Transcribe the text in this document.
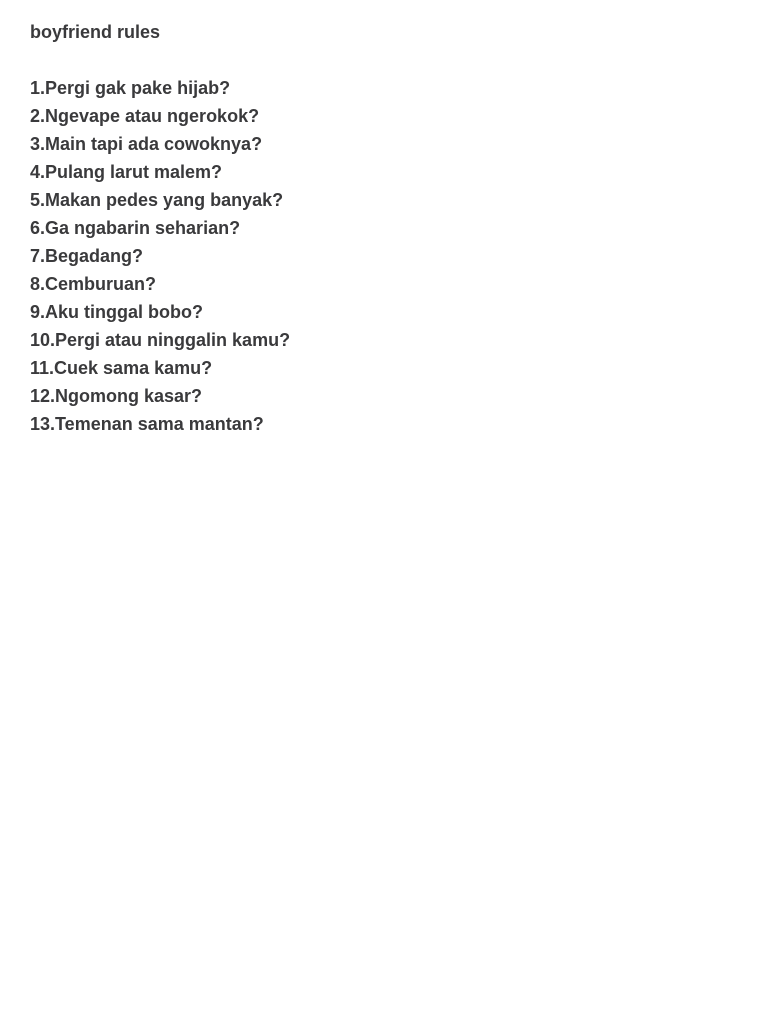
boyfriend rules
1.Pergi gak pake hijab?
2.Ngevape atau ngerokok?
3.Main tapi ada cowoknya?
4.Pulang larut malem?
5.Makan pedes yang banyak?
6.Ga ngabarin seharian?
7.Begadang?
8.Cemburuan?
9.Aku tinggal bobo?
10.Pergi atau ninggalin kamu?
11.Cuek sama kamu?
12.Ngomong kasar?
13.Temenan sama mantan?
